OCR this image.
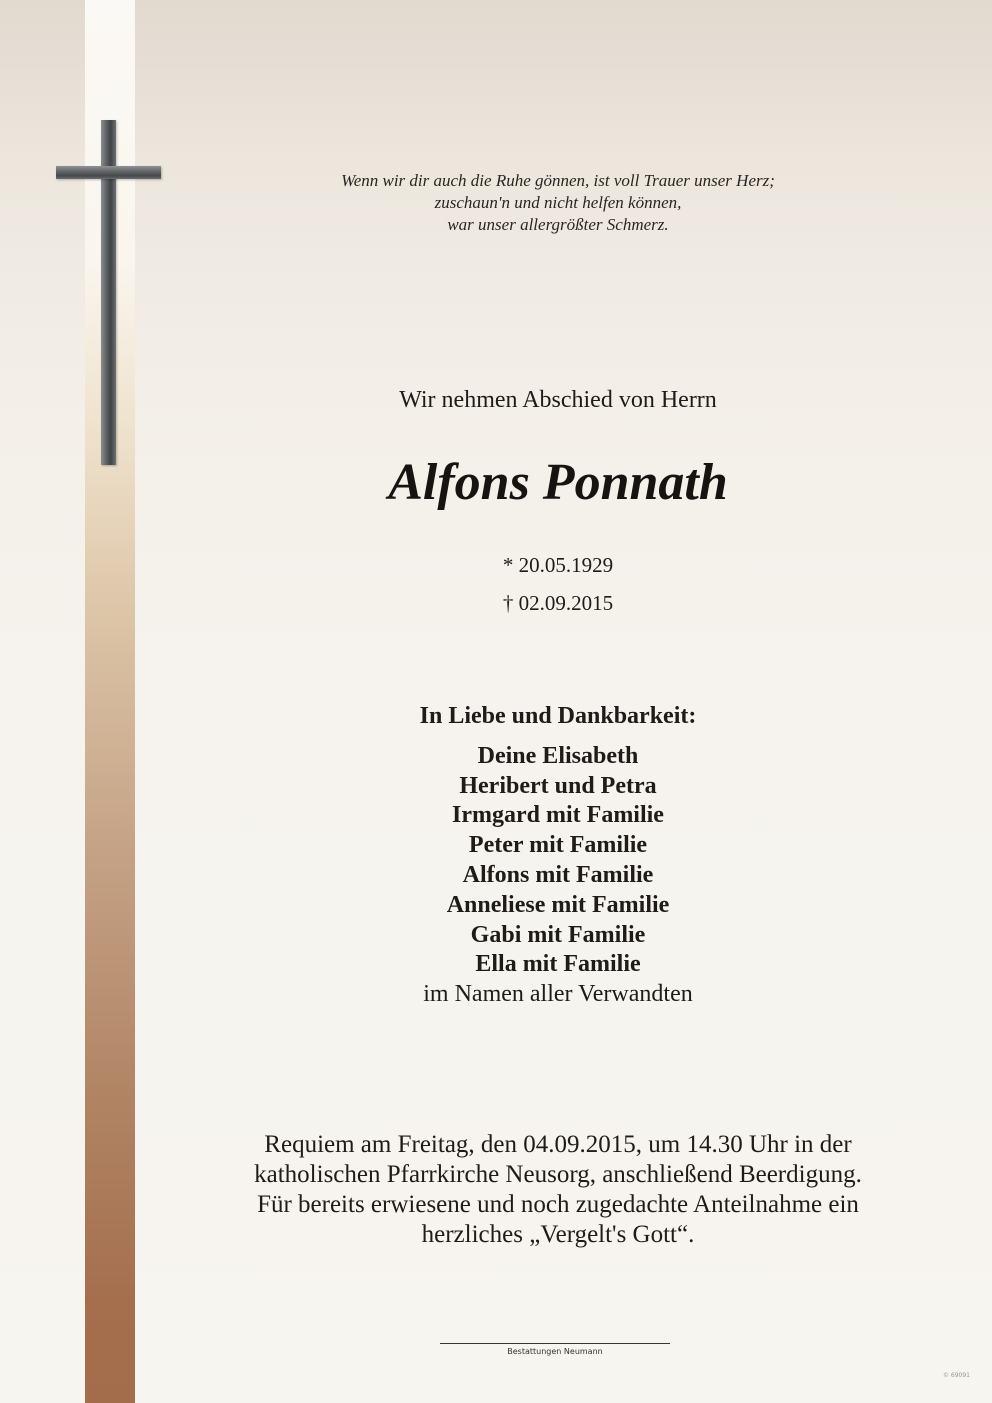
Wenn wir dir auch die Ruhe gönnen, ist voll Trauer unser Herz;
zuschaun'n und nicht helfen können,
war unser allergrößter Schmerz.
Wir nehmen Abschied von Herrn
Alfons Ponnath
* 20.05.1929
† 02.09.2015
In Liebe und Dankbarkeit:
Deine Elisabeth
Heribert und Petra
Irmgard mit Familie
Peter mit Familie
Alfons mit Familie
Anneliese mit Familie
Gabi mit Familie
Ella mit Familie
im Namen aller Verwandten
Requiem am Freitag, den 04.09.2015, um 14.30 Uhr in der
katholischen Pfarrkirche Neusorg, anschließend Beerdigung.
Für bereits erwiesene und noch zugedachte Anteilnahme ein
herzliches „Vergelt's Gott“.
Bestattungen Neumann
© 69091
